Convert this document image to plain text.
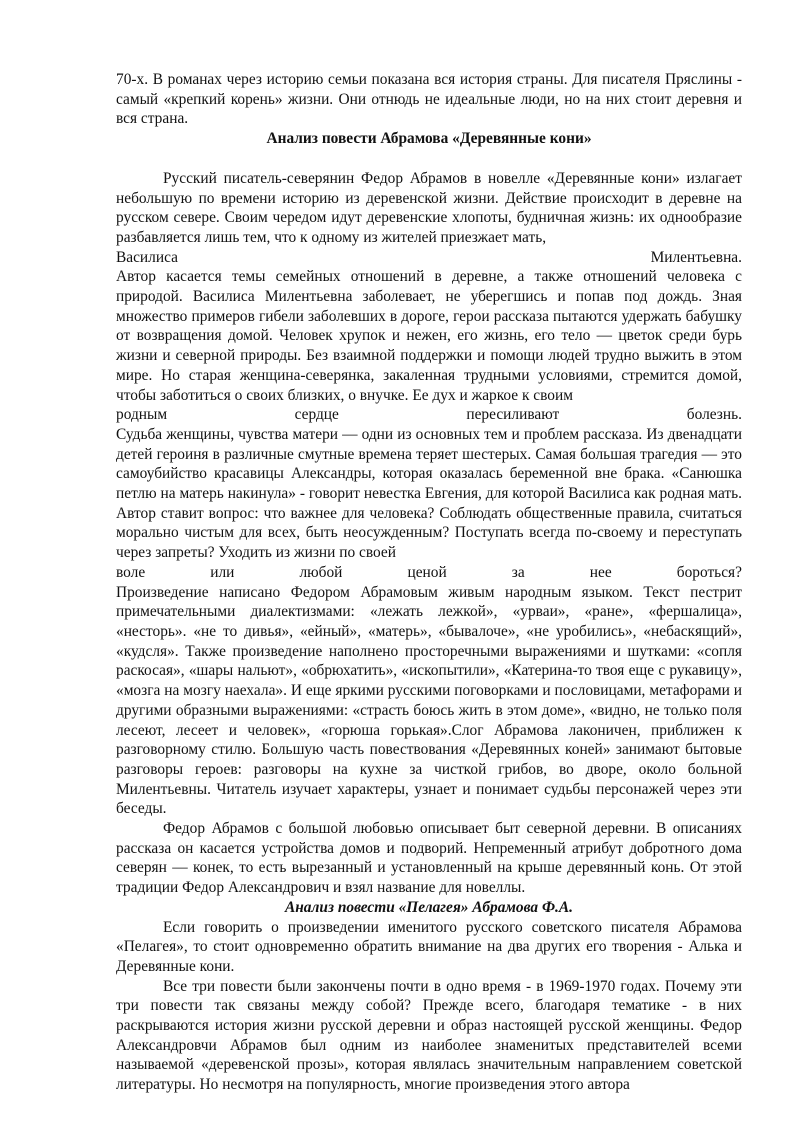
70-х. В романах через историю семьи показана вся история страны. Для писателя Пряслины - самый «крепкий корень» жизни. Они отнюдь не идеальные люди, но на них стоит деревня и вся страна.

Анализ повести Абрамова «Деревянные кони»

Русский писатель-северянин Федор Абрамов в новелле «Деревянные кони» излагает небольшую по времени историю из деревенской жизни. Действие происходит в деревне на русском севере. Своим чередом идут деревенские хлопоты, будничная жизнь: их однообразие разбавляется лишь тем, что к одному из жителей приезжает мать,

Василиса	Милентьевна.

Автор касается темы семейных отношений в деревне, а также отношений человека с природой. Василиса Милентьевна заболевает, не уберегшись и попав под дождь. Зная множество примеров гибели заболевших в дороге, герои рассказа пытаются удержать бабушку от возвращения домой. Человек хрупок и нежен, его жизнь, его тело — цветок среди бурь жизни и северной природы. Без взаимной поддержки и помощи людей трудно выжить в этом мире. Но старая женщина-северянка, закаленная трудными условиями, стремится домой, чтобы заботиться о своих близких, о внучке. Ее дух и жаркое к своим

родным	сердце	пересиливают	болезнь.

Судьба женщины, чувства матери — одни из основных тем и проблем рассказа. Из двенадцати детей героиня в различные смутные времена теряет шестерых. Самая большая трагедия — это самоубийство красавицы Александры, которая оказалась беременной вне брака. «Санюшка петлю на матерь накинула» - говорит невестка Евгения, для которой Василиса как родная мать. Автор ставит вопрос: что важнее для человека? Соблюдать общественные правила, считаться морально чистым для всех, быть неосужденным? Поступать всегда по-своему и переступать через запреты? Уходить из жизни по своей

воле	или	любой	ценой	за	нее	бороться?

Произведение написано Федором Абрамовым живым народным языком. Текст пестрит примечательными диалектизмами: «лежать лежкой», «урваи», «ране», «фершалица», «несторь». «не то дивья», «ейный», «матерь», «бывалоче», «не уробились», «небаскящий», «кудсля». Также произведение наполнено просторечными выражениями и шутками: «сопля раскосая», «шары нальют», «обрюхатить», «ископытили», «Катерина-то твоя еще с рукавицу», «мозга на мозгу наехала». И еще яркими русскими поговорками и пословицами, метафорами и другими образными выражениями: «страсть боюсь жить в этом доме», «видно, не только поля лесеют, лесеет и человек», «горюша горькая».Слог Абрамова лаконичен, приближен к разговорному стилю. Большую часть повествования «Деревянных коней» занимают бытовые разговоры героев: разговоры на кухне за чисткой грибов, во дворе, около больной Милентьевны. Читатель изучает характеры, узнает и понимает судьбы персонажей через эти беседы.

Федор Абрамов с большой любовью описывает быт северной деревни. В описаниях рассказа он касается устройства домов и подворий. Непременный атрибут добротного дома северян — конек, то есть вырезанный и установленный на крыше деревянный конь. От этой традиции Федор Александрович и взял название для новеллы.

Анализ повести «Пелагея» Абрамова Ф.А.

Если говорить о произведении именитого русского советского писателя Абрамова «Пелагея», то стоит одновременно обратить внимание на два других его творения - Алька и Деревянные кони.

Все три повести были закончены почти в одно время - в 1969-1970 годах. Почему эти три повести так связаны между собой? Прежде всего, благодаря тематике - в них раскрываются история жизни русской деревни и образ настоящей русской женщины. Федор Александровчи Абрамов был одним из наиболее знаменитых представителей всеми называемой «деревенской прозы», которая являлась значительным направлением советской литературы. Но несмотря на популярность, многие произведения этого автора
